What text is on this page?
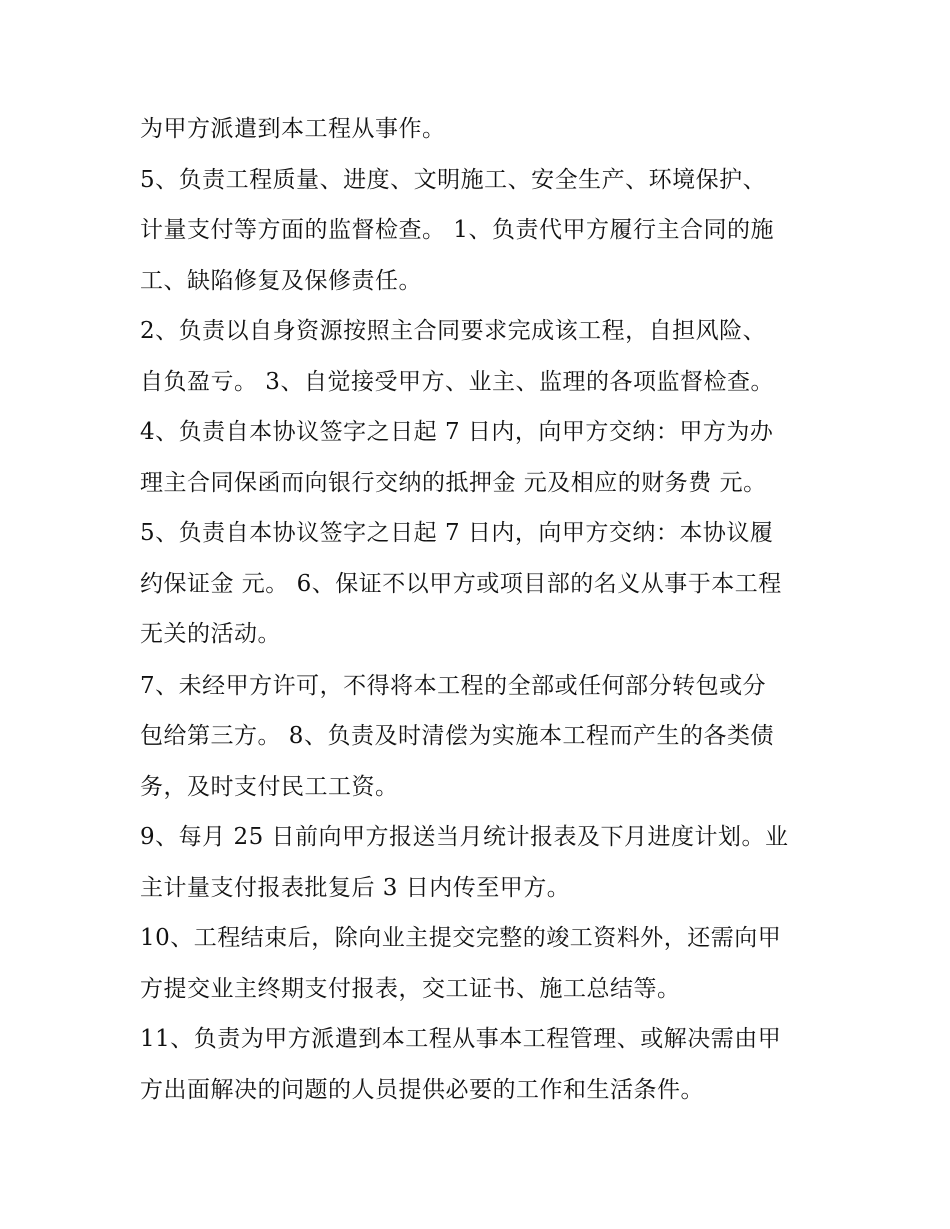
为甲方派遣到本工程从事作。
5、负责工程质量、进度、文明施工、安全生产、环境保护、
计量支付等方面的监督检查。 1、负责代甲方履行主合同的施
工、缺陷修复及保修责任。
2、负责以自身资源按照主合同要求完成该工程，自担风险、
自负盈亏。 3、自觉接受甲方、业主、监理的各项监督检查。
4、负责自本协议签字之日起 7 日内，向甲方交纳：甲方为办
理主合同保函而向银行交纳的抵押金 元及相应的财务费 元。
5、负责自本协议签字之日起 7 日内，向甲方交纳：本协议履
约保证金 元。 6、保证不以甲方或项目部的名义从事于本工程
无关的活动。
7、未经甲方许可，不得将本工程的全部或任何部分转包或分
包给第三方。 8、负责及时清偿为实施本工程而产生的各类债
务，及时支付民工工资。
9、每月 25 日前向甲方报送当月统计报表及下月进度计划。业
主计量支付报表批复后 3 日内传至甲方。
10、工程结束后，除向业主提交完整的竣工资料外，还需向甲
方提交业主终期支付报表，交工证书、施工总结等。
11、负责为甲方派遣到本工程从事本工程管理、或解决需由甲
方出面解决的问题的人员提供必要的工作和生活条件。
